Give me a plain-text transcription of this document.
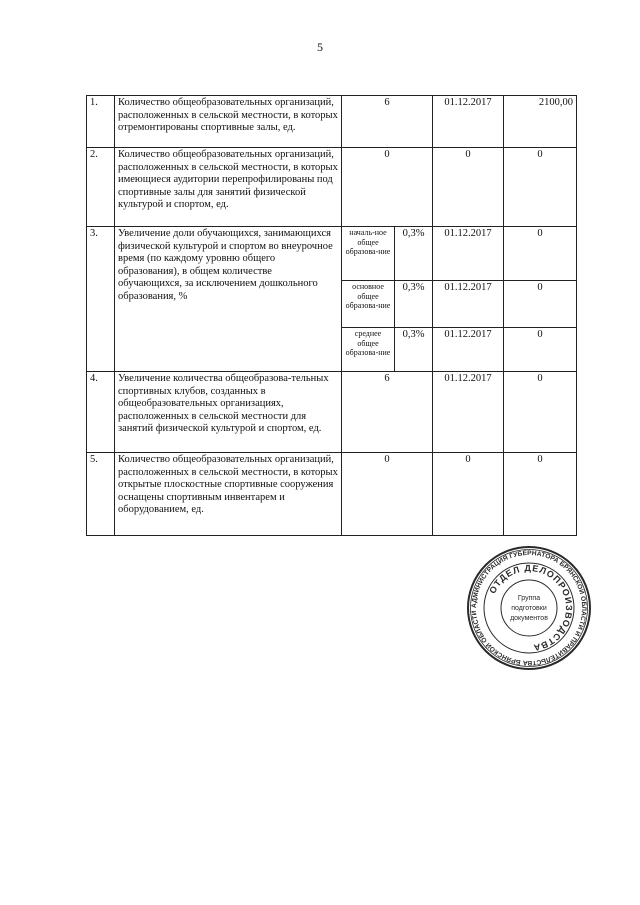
5
1.	Количество общеобразовательных организаций, расположенных в сельской местности, в которых отремонтированы спортивные залы, ед.	6		01.12.2017	2100,00
2.	Количество общеобразовательных организаций, расположенных в сельской местности, в которых имеющиеся аудитории перепрофилированы под спортивные залы для занятий физической культурой и спортом, ед.	0		0	0
3.	Увеличение доли обучающихся, занимающихся физической культурой и спортом во внеурочное время (по каждому уровню общего образования), в общем количестве обучающихся, за исключением дошкольного образования, %	началь-ное общее образова-ние	0,3%	01.12.2017	0
		основное общее образова-ние	0,3%	01.12.2017	0
		среднее общее образова-ние	0,3%	01.12.2017	0
4.	Увеличение количества общеобразова-тельных спортивных клубов, созданных в общеобразовательных организациях, расположенных в сельской местности для занятий физической культурой и спортом, ед.	6		01.12.2017	0
5.	Количество общеобразовательных организаций, расположенных в сельской местности, в которых открытые плоскостные спортивные сооружения оснащены спортивным инвентарем и оборудованием, ед.	0		0	0
АДМИНИСТРАЦИЯ ГУБЕРНАТОРА БРЯНСКОЙ ОБЛАСТИ И ПРАВИТЕЛЬСТВА БРЯНСКОЙ ОБЛАСТИ
ОТДЕЛ ДЕЛОПРОИЗВОДСТВА
Группа
подготовки
документов
